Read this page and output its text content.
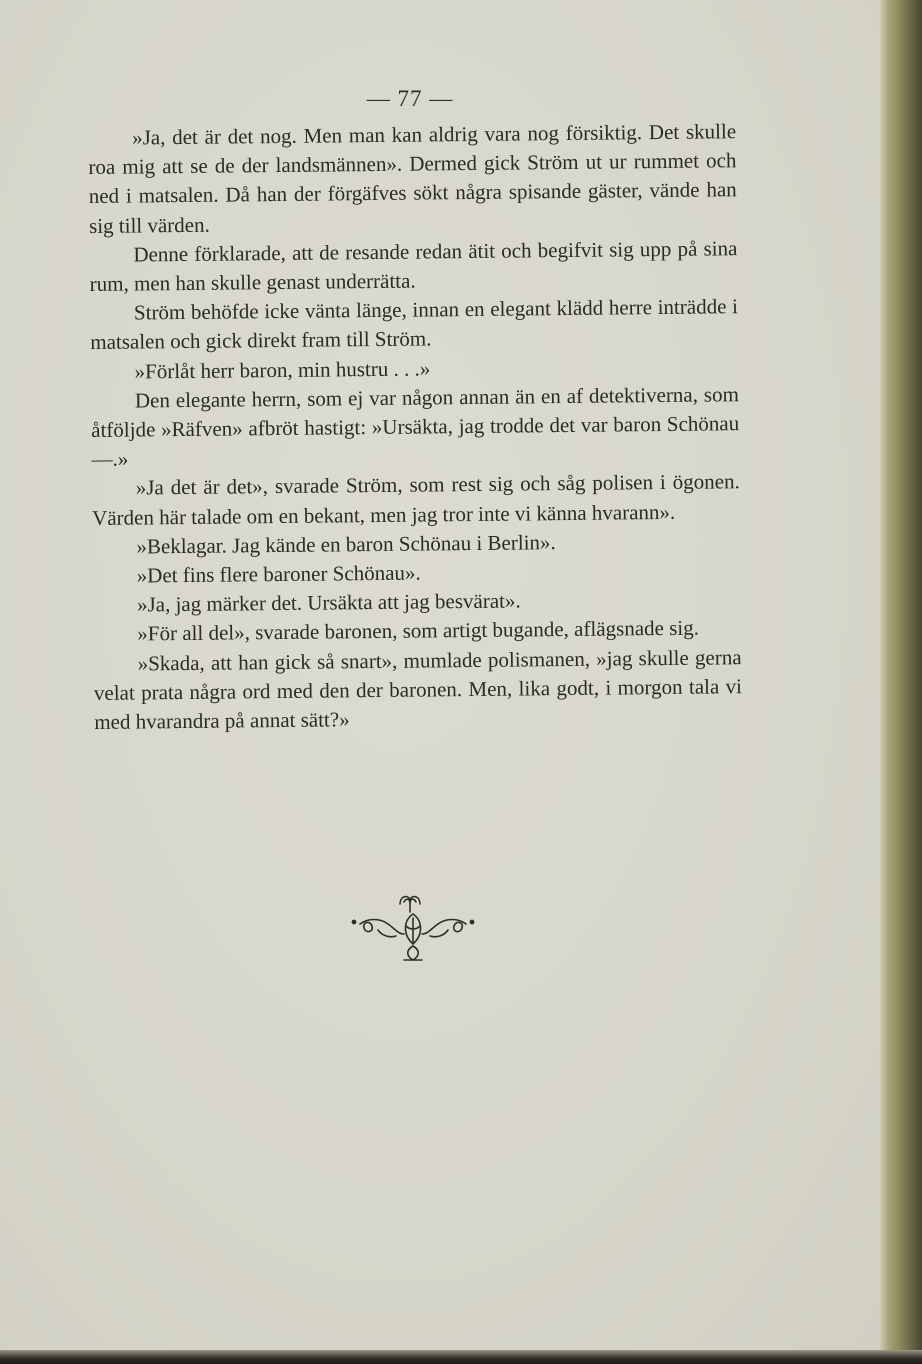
— 77 —

»Ja, det är det nog. Men man kan aldrig vara nog försiktig. Det skulle roa mig att se de der landsmännen». Dermed gick Ström ut ur rummet och ned i matsalen. Då han der förgäfves sökt några spisande gäster, vände han sig till värden.

Denne förklarade, att de resande redan ätit och begifvit sig upp på sina rum, men han skulle genast underrätta.

Ström behöfde icke vänta länge, innan en elegant klädd herre inträdde i matsalen och gick direkt fram till Ström.

»Förlåt herr baron, min hustru . . .»

Den elegante herrn, som ej var någon annan än en af detektiverna, som åtföljde »Räfven» afbröt hastigt: »Ursäkta, jag trodde det var baron Schönau —.»

»Ja det är det», svarade Ström, som rest sig och såg polisen i ögonen. Värden här talade om en bekant, men jag tror inte vi känna hvarann».

»Beklagar. Jag kände en baron Schönau i Berlin».

»Det fins flere baroner Schönau».

»Ja, jag märker det. Ursäkta att jag besvärat».

»För all del», svarade baronen, som artigt bugande, aflägsnade sig.

»Skada, att han gick så snart», mumlade polismanen, »jag skulle gerna velat prata några ord med den der baronen. Men, lika godt, i morgon tala vi med hvarandra på annat sätt?»
